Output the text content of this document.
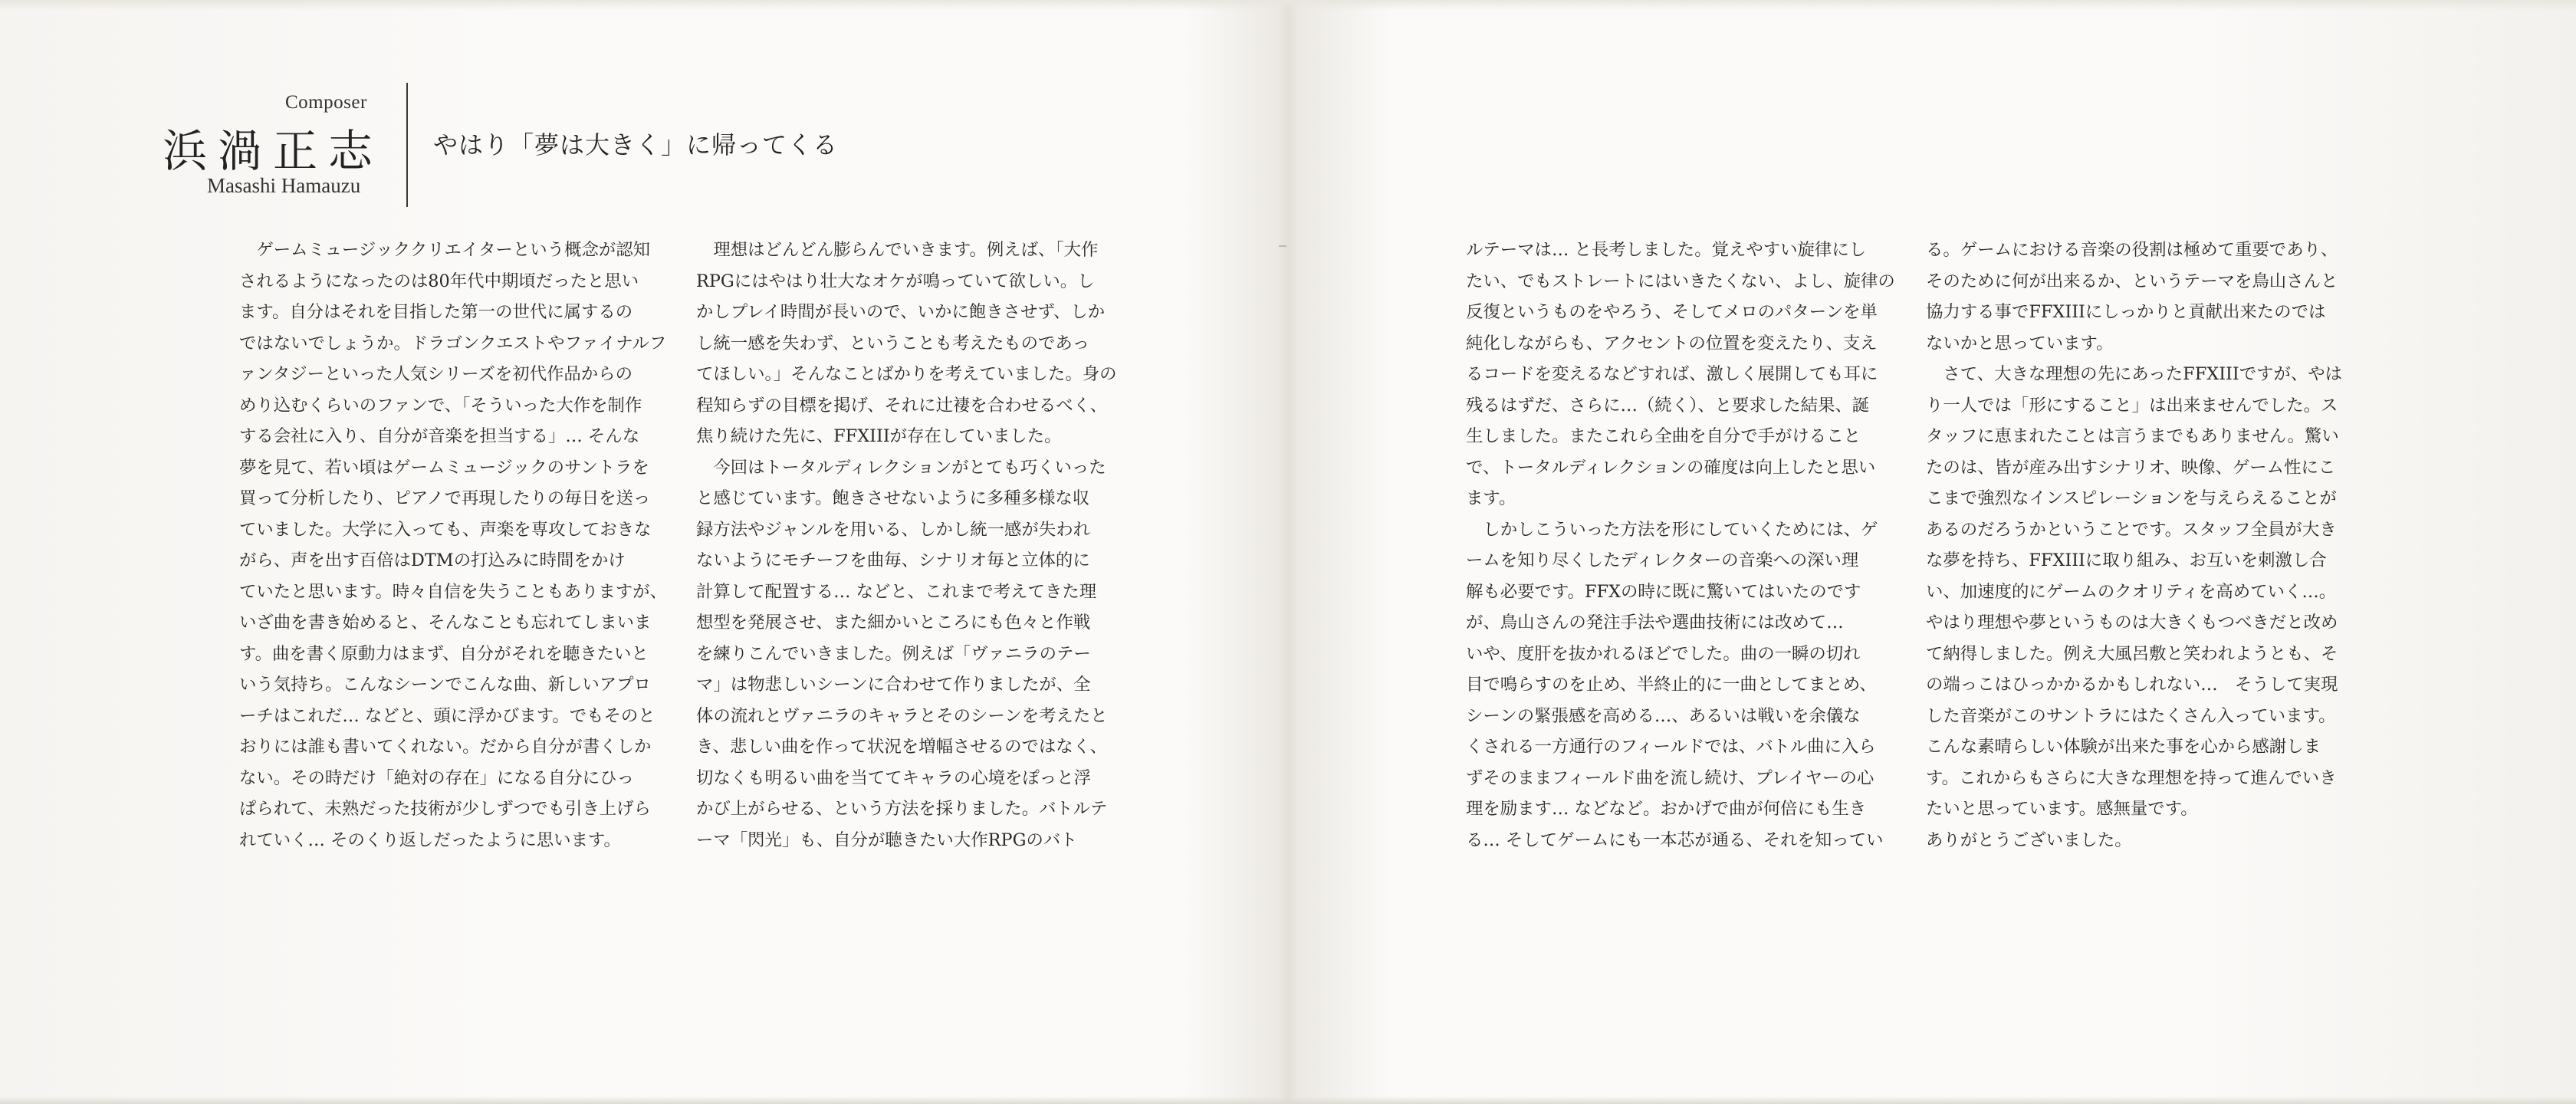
Composer
浜渦正志
Masashi Hamauzu
やはり「夢は大きく」に帰ってくる
　ゲームミュージッククリエイターという概念が認知
されるようになったのは80年代中期頃だったと思い
ます。自分はそれを目指した第一の世代に属するの
ではないでしょうか。ドラゴンクエストやファイナルフ
ァンタジーといった人気シリーズを初代作品からの
めり込むくらいのファンで、「そういった大作を制作
する会社に入り、自分が音楽を担当する」… そんな
夢を見て、若い頃はゲームミュージックのサントラを
買って分析したり、ピアノで再現したりの毎日を送っ
ていました。大学に入っても、声楽を専攻しておきな
がら、声を出す百倍はDTMの打込みに時間をかけ
ていたと思います。時々自信を失うこともありますが、
いざ曲を書き始めると、そんなことも忘れてしまいま
す。曲を書く原動力はまず、自分がそれを聴きたいと
いう気持ち。こんなシーンでこんな曲、新しいアプロ
ーチはこれだ… などと、頭に浮かびます。でもそのと
おりには誰も書いてくれない。だから自分が書くしか
ない。その時だけ「絶対の存在」になる自分にひっ
ぱられて、未熟だった技術が少しずつでも引き上げら
れていく… そのくり返しだったように思います。
　理想はどんどん膨らんでいきます。例えば、「大作
RPGにはやはり壮大なオケが鳴っていて欲しい。し
かしプレイ時間が長いので、いかに飽きさせず、しか
し統一感を失わず、ということも考えたものであっ
てほしい。」そんなことばかりを考えていました。身の
程知らずの目標を掲げ、それに辻褄を合わせるべく、
焦り続けた先に、FFXIIIが存在していました。
　今回はトータルディレクションがとても巧くいった
と感じています。飽きさせないように多種多様な収
録方法やジャンルを用いる、しかし統一感が失われ
ないようにモチーフを曲毎、シナリオ毎と立体的に
計算して配置する… などと、これまで考えてきた理
想型を発展させ、また細かいところにも色々と作戦
を練りこんでいきました。例えば「ヴァニラのテー
マ」は物悲しいシーンに合わせて作りましたが、全
体の流れとヴァニラのキャラとそのシーンを考えたと
き、悲しい曲を作って状況を増幅させるのではなく、
切なくも明るい曲を当ててキャラの心境をぽっと浮
かび上がらせる、という方法を採りました。バトルテ
ーマ「閃光」も、自分が聴きたい大作RPGのバト
ルテーマは… と長考しました。覚えやすい旋律にし
たい、でもストレートにはいきたくない、よし、旋律の
反復というものをやろう、そしてメロのパターンを単
純化しながらも、アクセントの位置を変えたり、支え
るコードを変えるなどすれば、激しく展開しても耳に
残るはずだ、さらに…（続く）、と要求した結果、誕
生しました。またこれら全曲を自分で手がけること
で、トータルディレクションの確度は向上したと思い
ます。
　しかしこういった方法を形にしていくためには、ゲ
ームを知り尽くしたディレクターの音楽への深い理
解も必要です。FFXの時に既に驚いてはいたのです
が、鳥山さんの発注手法や選曲技術には改めて…
いや、度肝を抜かれるほどでした。曲の一瞬の切れ
目で鳴らすのを止め、半終止的に一曲としてまとめ、
シーンの緊張感を高める…、あるいは戦いを余儀な
くされる一方通行のフィールドでは、バトル曲に入ら
ずそのままフィールド曲を流し続け、プレイヤーの心
理を励ます… などなど。おかげで曲が何倍にも生き
る… そしてゲームにも一本芯が通る、それを知ってい
る。ゲームにおける音楽の役割は極めて重要であり、
そのために何が出来るか、というテーマを鳥山さんと
協力する事でFFXIIIにしっかりと貢献出来たのでは
ないかと思っています。
　さて、大きな理想の先にあったFFXIIIですが、やは
り一人では「形にすること」は出来ませんでした。ス
タッフに恵まれたことは言うまでもありません。驚い
たのは、皆が産み出すシナリオ、映像、ゲーム性にこ
こまで強烈なインスピレーションを与えらえることが
あるのだろうかということです。スタッフ全員が大き
な夢を持ち、FFXIIIに取り組み、お互いを刺激し合
い、加速度的にゲームのクオリティを高めていく…。
やはり理想や夢というものは大きくもつべきだと改め
て納得しました。例え大風呂敷と笑われようとも、そ
の端っこはひっかかるかもしれない…　そうして実現
した音楽がこのサントラにはたくさん入っています。
こんな素晴らしい体験が出来た事を心から感謝しま
す。これからもさらに大きな理想を持って進んでいき
たいと思っています。感無量です。
ありがとうございました。
